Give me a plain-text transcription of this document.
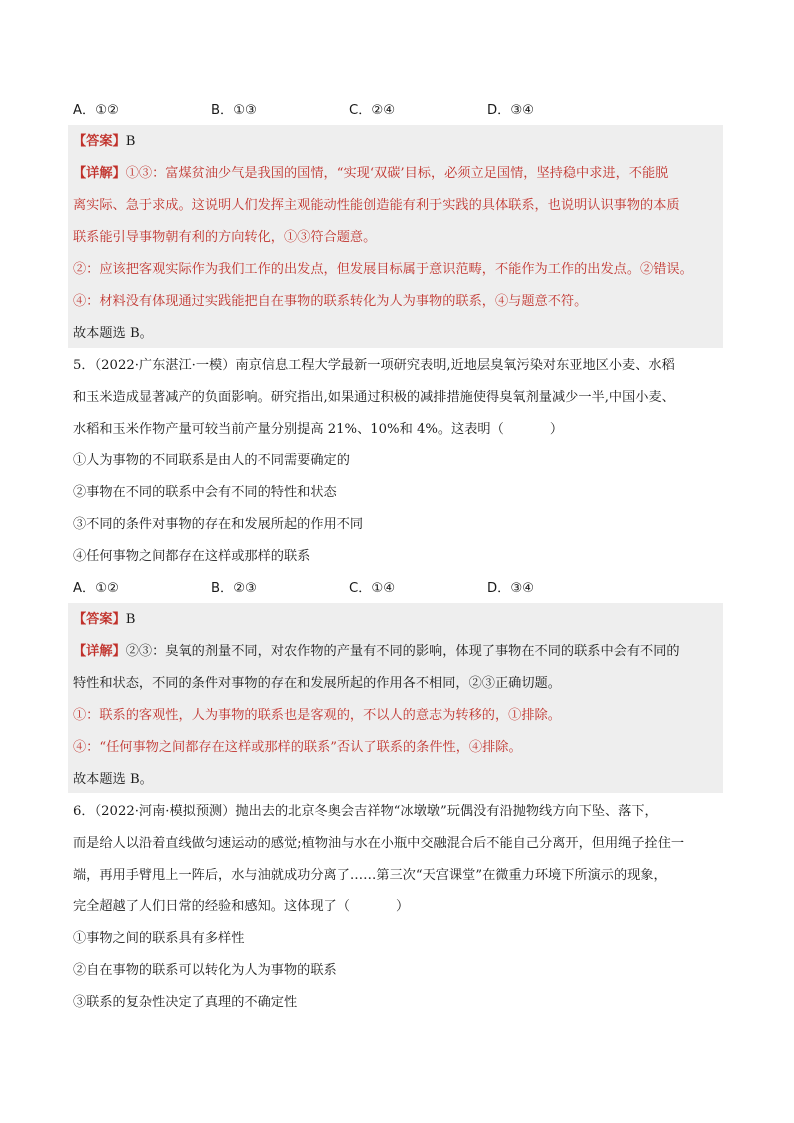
A．①②	B．①③	C．②④	D．③④
【答案】B
【详解】①③：富煤贫油少气是我国的国情，“实现‘双碳’目标，必须立足国情，坚持稳中求进，不能脱
离实际、急于求成。这说明人们发挥主观能动性能创造能有利于实践的具体联系，也说明认识事物的本质
联系能引导事物朝有利的方向转化，①③符合题意。
②：应该把客观实际作为我们工作的出发点，但发展目标属于意识范畴，不能作为工作的出发点。②错误。
④：材料没有体现通过实践能把自在事物的联系转化为人为事物的联系，④与题意不符。
故本题选 B。
5．（2022·广东湛江·一模）南京信息工程大学最新一项研究表明,近地层臭氧污染对东亚地区小麦、水稻
和玉米造成显著减产的负面影响。研究指出,如果通过积极的减排措施使得臭氧剂量减少一半,中国小麦、
水稻和玉米作物产量可较当前产量分别提高 21%、10%和 4%。这表明（	）
①人为事物的不同联系是由人的不同需要确定的
②事物在不同的联系中会有不同的特性和状态
③不同的条件对事物的存在和发展所起的作用不同
④任何事物之间都存在这样或那样的联系
A．①②	B．②③	C．①④	D．③④
【答案】B
【详解】②③：臭氧的剂量不同，对农作物的产量有不同的影响，体现了事物在不同的联系中会有不同的
特性和状态，不同的条件对事物的存在和发展所起的作用各不相同，②③正确切题。
①：联系的客观性，人为事物的联系也是客观的，不以人的意志为转移的，①排除。
④：“任何事物之间都存在这样或那样的联系”否认了联系的条件性，④排除。
故本题选 B。
6．（2022·河南·模拟预测）抛出去的北京冬奥会吉祥物“冰墩墩”玩偶没有沿抛物线方向下坠、落下，
而是给人以沿着直线做匀速运动的感觉;植物油与水在小瓶中交融混合后不能自己分离开，但用绳子拴住一
端，再用手臂甩上一阵后，水与油就成功分离了……第三次“天宫课堂”在微重力环境下所演示的现象，
完全超越了人们日常的经验和感知。这体现了（	）
①事物之间的联系具有多样性
②自在事物的联系可以转化为人为事物的联系
③联系的复杂性决定了真理的不确定性
